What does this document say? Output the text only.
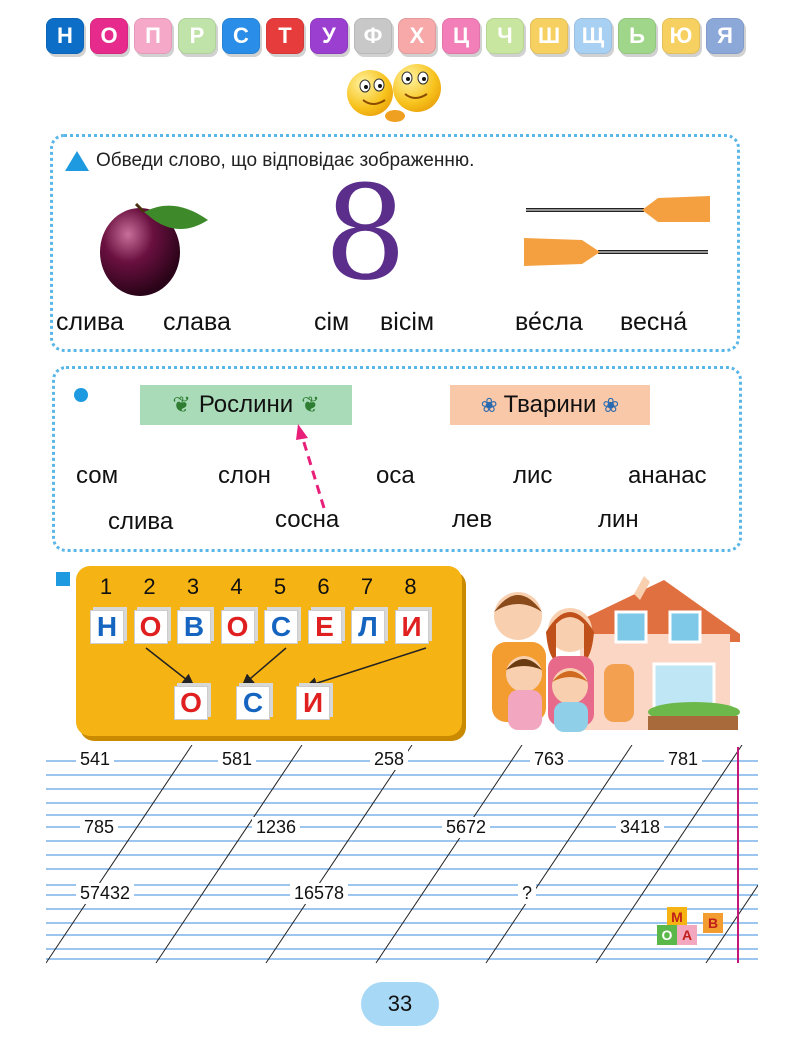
Н	О	П	Р	С	Т	У	Ф	Х	Ц	Ч	Ш Щ	Ь	Ю	Я
Обведи слово, що відповідає зображенню.
8
слива слава	сім вісім	ве́сла весна́
❦ Рослини ❦	❀ Тварини ❀
сом	слон	оса	лис	ананас
слива	сосна	лев	лин
1	2	3	4	5	6	7	8
Н О В О С Е Л И
О С И
541	581	258	763	781
785	1236	5672	3418
57432	16578	?
М
О А
В
33
